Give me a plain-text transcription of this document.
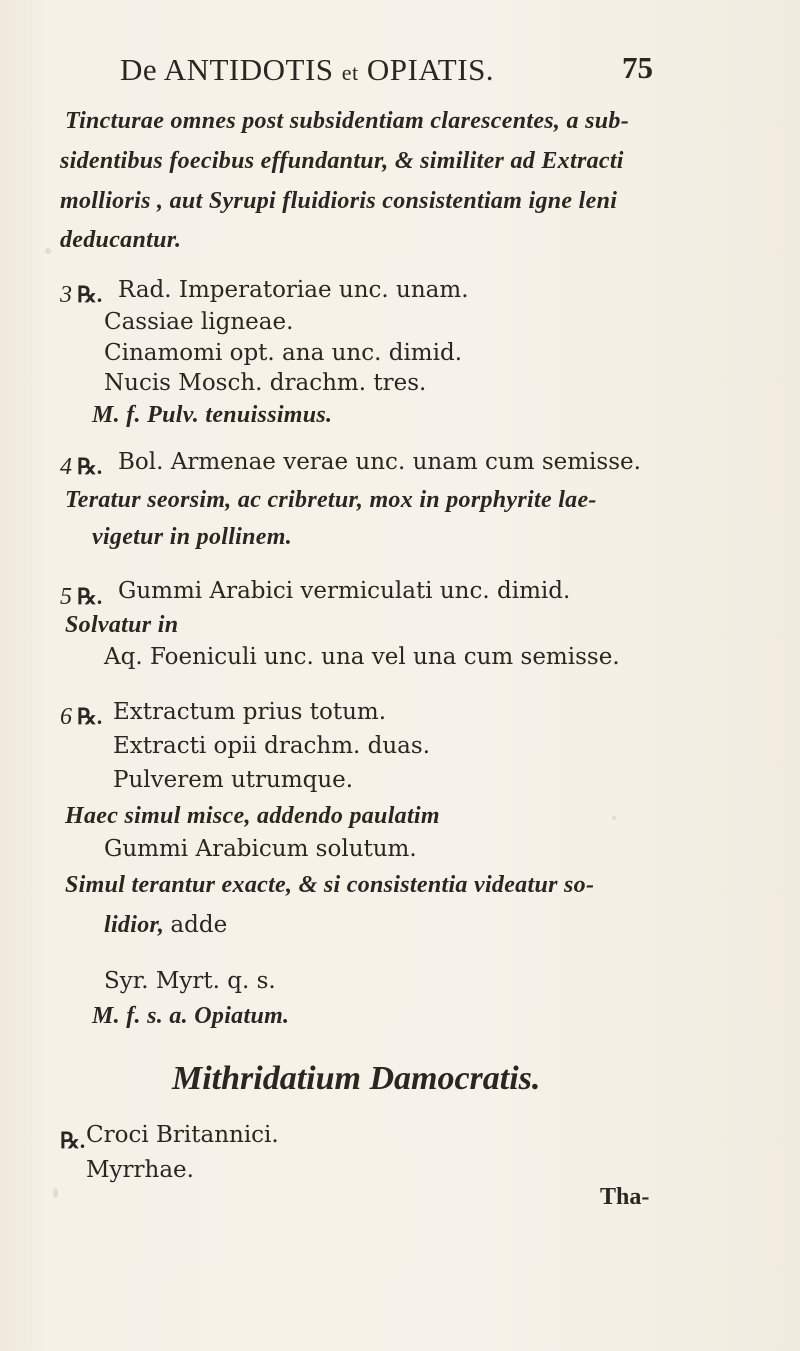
De ANTIDOTIS et OPIATIS.	75
Tincturae omnes post subsidentiam clarescentes, a sub-
sidentibus foecibus effundantur, & similiter ad Extracti
mollioris , aut Syrupi fluidioris consistentiam igne leni
deducantur.
3 ℞. Rad. Imperatoriae unc. unam.
Cassiae ligneae.
Cinamomi opt. ana unc. dimid.
Nucis Mosch. drachm. tres.
M. f. Pulv. tenuissimus.
4 ℞. Bol. Armenae verae unc. unam cum semisse.
Teratur seorsim, ac cribretur, mox in porphyrite lae-
vigetur in pollinem.
5 ℞. Gummi Arabici vermiculati unc. dimid.
Solvatur in
Aq. Foeniculi unc. una vel una cum semisse.
6 ℞. Extractum prius totum.
Extracti opii drachm. duas.
Pulverem utrumque.
Haec simul misce, addendo paulatim
Gummi Arabicum solutum.
Simul terantur exacte, & si consistentia videatur so-
lidior, adde
Syr. Myrt. q. s.
M. f. s. a. Opiatum.
Mithridatium Damocratis.
℞. Croci Britannici.
Myrrhae.
Tha-
